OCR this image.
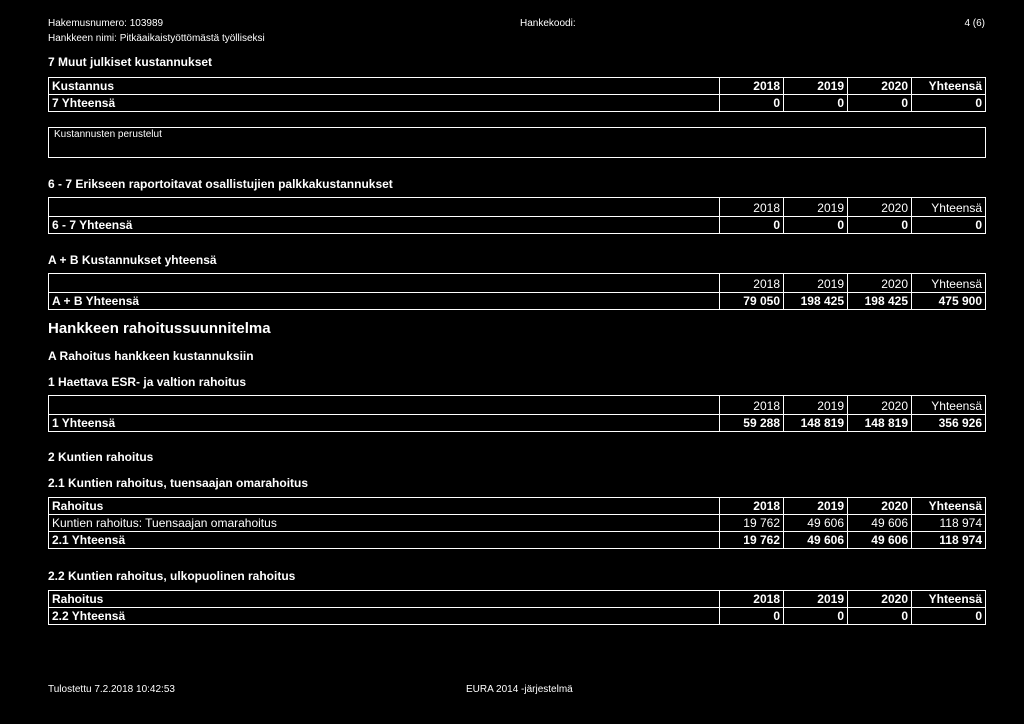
Hakemusnumero: 103989	Hankekoodi:	4 (6)
Hankkeen nimi: Pitkäaikaistyöttömästä työlliseksi
7 Muut julkiset kustannukset
Kustannus	2018	2019	2020	Yhteensä
7 Yhteensä	0	0	0	0
Kustannusten perustelut
6 - 7 Erikseen raportoitavat osallistujien palkkakustannukset
	2018	2019	2020	Yhteensä
6 - 7 Yhteensä	0	0	0	0
A + B Kustannukset yhteensä
	2018	2019	2020	Yhteensä
A + B Yhteensä	79 050	198 425	198 425	475 900
Hankkeen rahoitussuunnitelma
A Rahoitus hankkeen kustannuksiin
1 Haettava ESR- ja valtion rahoitus
	2018	2019	2020	Yhteensä
1 Yhteensä	59 288	148 819	148 819	356 926
2 Kuntien rahoitus
2.1 Kuntien rahoitus, tuensaajan omarahoitus
Rahoitus	2018	2019	2020	Yhteensä
Kuntien rahoitus: Tuensaajan omarahoitus	19 762	49 606	49 606	118 974
2.1 Yhteensä	19 762	49 606	49 606	118 974
2.2 Kuntien rahoitus, ulkopuolinen rahoitus
Rahoitus	2018	2019	2020	Yhteensä
2.2 Yhteensä	0	0	0	0
Tulostettu 7.2.2018 10:42:53	EURA 2014 -järjestelmä
